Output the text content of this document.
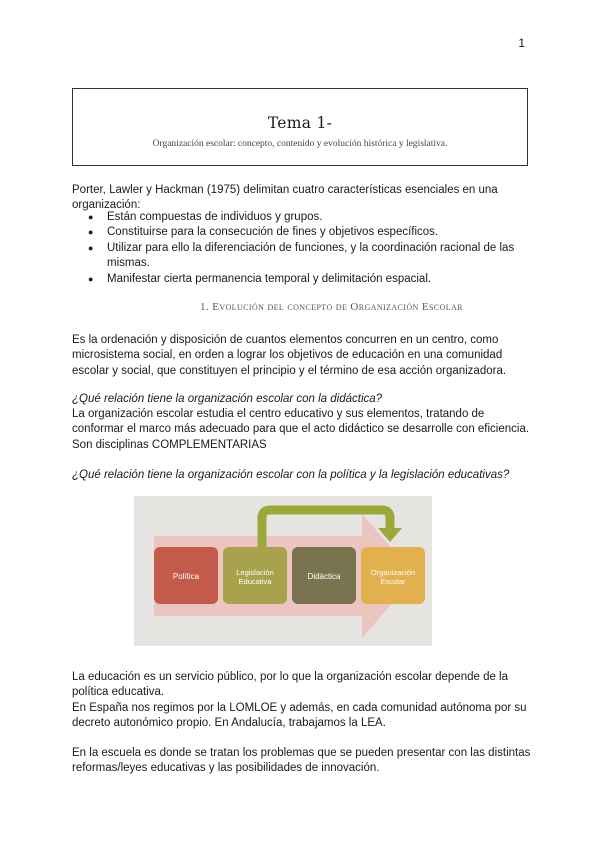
1
Tema 1-
Organización escolar: concepto, contenido y evolución histórica y legislativa.

Porter, Lawler y Hackman (1975) delimitan cuatro características esenciales en una organización:

● Están compuestas de individuos y grupos.
● Constituirse para la consecución de fines y objetivos específicos.
● Utilizar para ello la diferenciación de funciones, y la coordinación racional de las mismas.
● Manifestar cierta permanencia temporal y delimitación espacial.
1. Evolución del concepto de Organización Escolar

Es la ordenación y disposición de cuantos elementos concurren en un centro, como microsistema social, en orden a lograr los objetivos de educación en una comunidad escolar y social, que constituyen el principio y el término de esa acción organizadora.

¿Qué relación tiene la organización escolar con la didáctica?

La organización escolar estudia el centro educativo y sus elementos, tratando de conformar el marco más adecuado para que el acto didáctico se desarrolle con eficiencia.

Son disciplinas COMPLEMENTARIAS

¿Qué relación tiene la organización escolar con la política y la legislación educativas?

Política	Legislación Educativa
Didáctica	Organización Escolar

La educación es un servicio público, por lo que la organización escolar depende de la política educativa.

En España nos regimos por la LOMLOE y además, en cada comunidad autónoma por su decreto autonómico propio. En Andalucía, trabajamos la LEA.

En la escuela es donde se tratan los problemas que se pueden presentar con las distintas reformas/leyes educativas y las posibilidades de innovación.
